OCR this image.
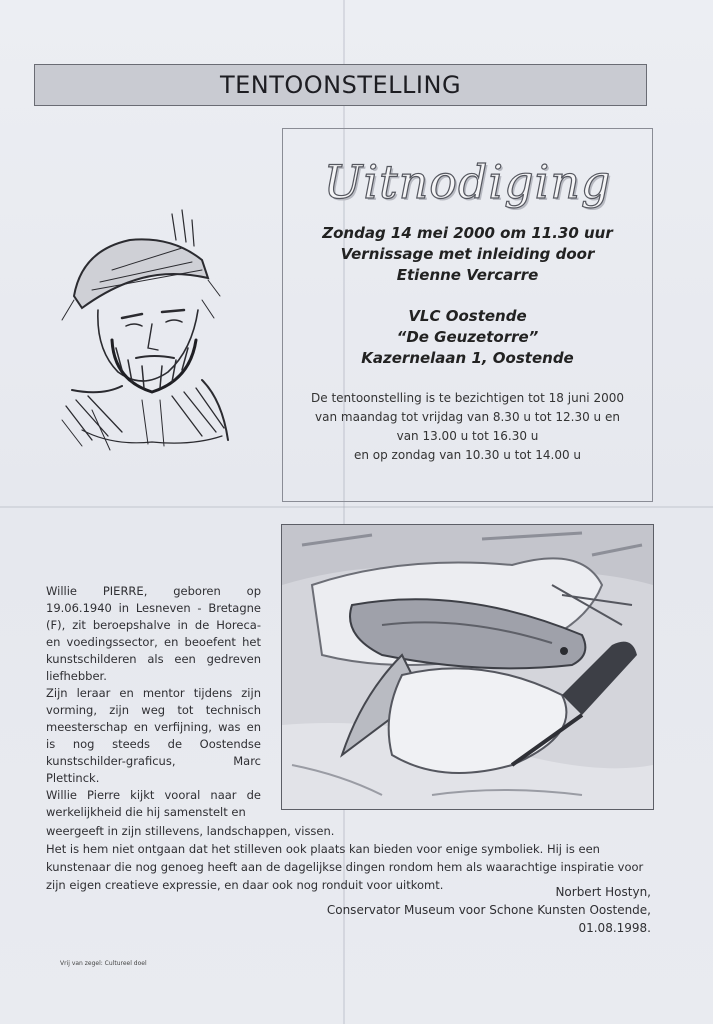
TENTOONSTELLING
Uitnodiging
Zondag 14 mei 2000 om 11.30 uur
Vernissage met inleiding door
Etienne Vercarre
VLC Oostende
“De Geuzetorre”
Kazernelaan 1, Oostende
De tentoonstelling is te bezichtigen tot 18 juni 2000
van maandag tot vrijdag van 8.30 u tot 12.30 u en
van 13.00 u tot 16.30 u
en op zondag van 10.30 u tot 14.00 u

Willie PIERRE, geboren op 19.06.1940 in Lesneven - Bretagne (F), zit beroepshalve in de Horeca- en voedingssector, en beoefent het kunstschilderen als een gedreven liefhebber.

Zijn leraar en mentor tijdens zijn vorming, zijn weg tot technisch meesterschap en verfijning, was en is nog steeds de Oostendse kunstschilder-graficus, Marc Plettinck.

Willie Pierre kijkt vooral naar de werkelijkheid die hij samenstelt en

weergeeft in zijn stillevens, landschappen, vissen.

Het is hem niet ontgaan dat het stilleven ook plaats kan bieden voor enige symboliek. Hij is een kunstenaar die nog genoeg heeft aan de dagelijkse dingen rondom hem als waarachtige inspiratie voor zijn eigen creatieve expressie, en daar ook nog ronduit voor uitkomt.	Norbert Hostyn,
Conservator Museum voor Schone Kunsten Oostende,
01.08.1998.
Vrij van zegel: Cultureel doel
